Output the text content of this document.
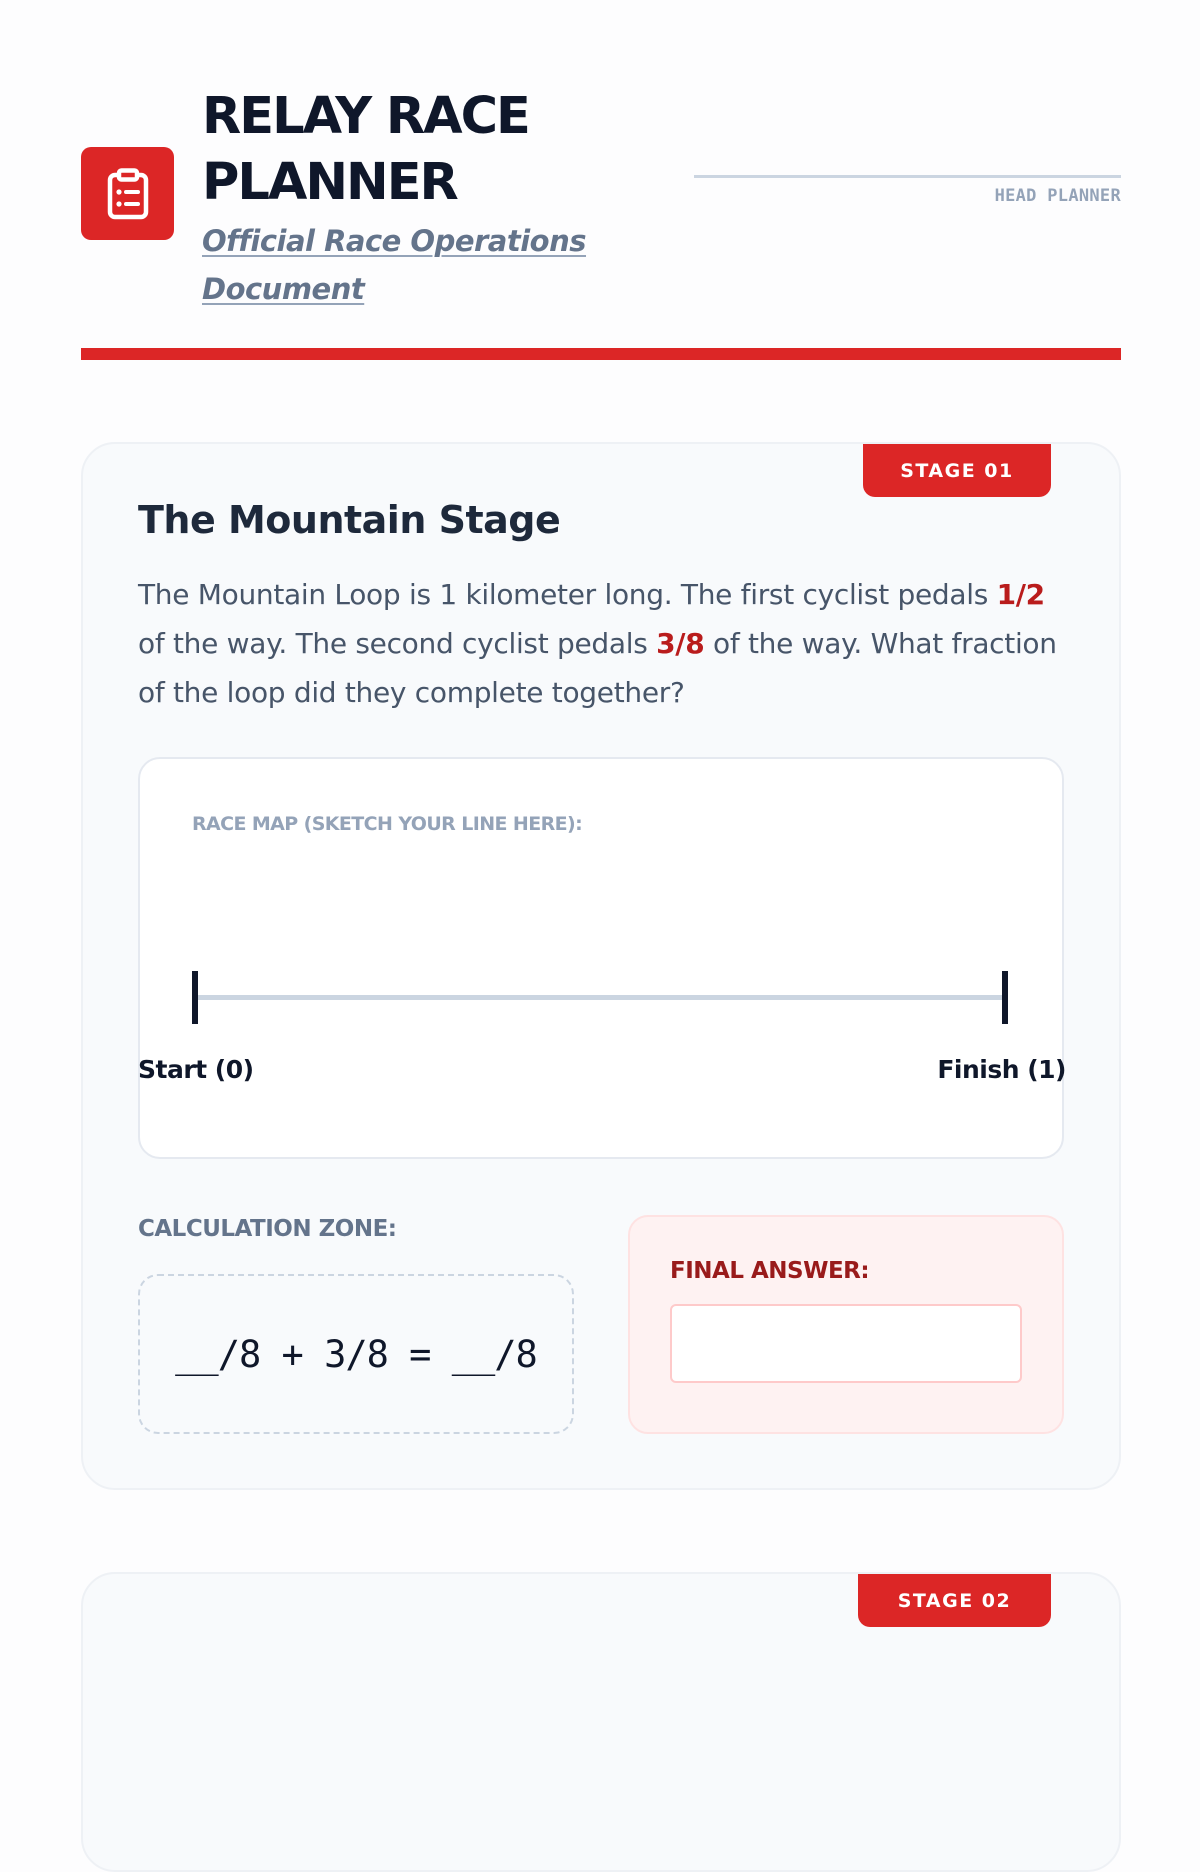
RELAY RACE PLANNER
Official Race Operations Document
HEAD PLANNER
STAGE 01
The Mountain Stage
The Mountain Loop is 1 kilometer long. The first cyclist pedals 1/2 of the way. The second cyclist pedals 3/8 of the way. What fraction of the loop did they complete together?
RACE MAP (SKETCH YOUR LINE HERE):
Start (0)	Finish (1)
CALCULATION ZONE:
__/8 + 3/8 = __/8
FINAL ANSWER:
STAGE 02
